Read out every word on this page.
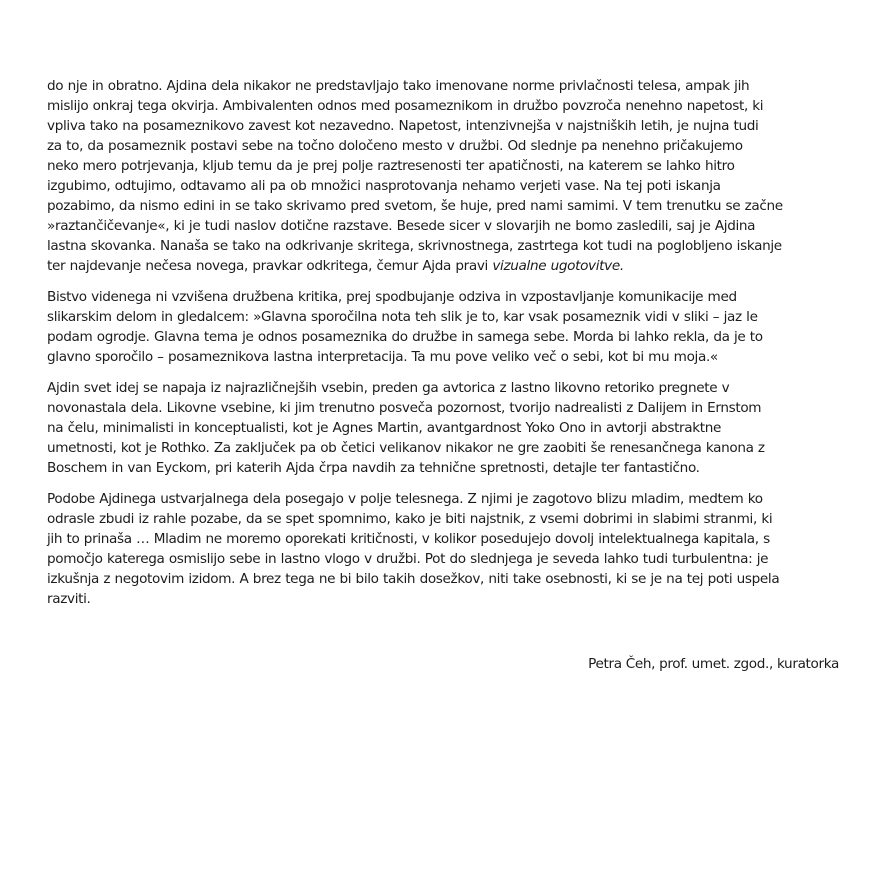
do nje in obratno. Ajdina dela nikakor ne predstavljajo tako imenovane norme privlačnosti telesa, ampak jih
mislijo onkraj tega okvirja. Ambivalenten odnos med posameznikom in družbo povzroča nenehno napetost, ki
vpliva tako na posameznikovo zavest kot nezavedno. Napetost, intenzivnejša v najstniških letih, je nujna tudi
za to, da posameznik postavi sebe na točno določeno mesto v družbi. Od slednje pa nenehno pričakujemo
neko mero potrjevanja, kljub temu da je prej polje raztresenosti ter apatičnosti, na katerem se lahko hitro
izgubimo, odtujimo, odtavamo ali pa ob množici nasprotovanja nehamo verjeti vase. Na tej poti iskanja
pozabimo, da nismo edini in se tako skrivamo pred svetom, še huje, pred nami samimi. V tem trenutku se začne
»raztančičevanje«, ki je tudi naslov dotične razstave. Besede sicer v slovarjih ne bomo zasledili, saj je Ajdina
lastna skovanka. Nanaša se tako na odkrivanje skritega, skrivnostnega, zastrtega kot tudi na poglobljeno iskanje
ter najdevanje nečesa novega, pravkar odkritega, čemur Ajda pravi vizualne ugotovitve.

Bistvo videnega ni vzvišena družbena kritika, prej spodbujanje odziva in vzpostavljanje komunikacije med
slikarskim delom in gledalcem: »Glavna sporočilna nota teh slik je to, kar vsak posameznik vidi v sliki – jaz le
podam ogrodje. Glavna tema je odnos posameznika do družbe in samega sebe. Morda bi lahko rekla, da je to
glavno sporočilo – posameznikova lastna interpretacija. Ta mu pove veliko več o sebi, kot bi mu moja.«

Ajdin svet idej se napaja iz najrazličnejših vsebin, preden ga avtorica z lastno likovno retoriko pregnete v
novonastala dela. Likovne vsebine, ki jim trenutno posveča pozornost, tvorijo nadrealisti z Dalijem in Ernstom
na čelu, minimalisti in konceptualisti, kot je Agnes Martin, avantgardnost Yoko Ono in avtorji abstraktne
umetnosti, kot je Rothko. Za zaključek pa ob četici velikanov nikakor ne gre zaobiti še renesančnega kanona z
Boschem in van Eyckom, pri katerih Ajda črpa navdih za tehnične spretnosti, detajle ter fantastično.

Podobe Ajdinega ustvarjalnega dela posegajo v polje telesnega. Z njimi je zagotovo blizu mladim, medtem ko
odrasle zbudi iz rahle pozabe, da se spet spomnimo, kako je biti najstnik, z vsemi dobrimi in slabimi stranmi, ki
jih to prinaša … Mladim ne moremo oporekati kritičnosti, v kolikor posedujejo dovolj intelektualnega kapitala, s
pomočjo katerega osmislijo sebe in lastno vlogo v družbi. Pot do slednjega je seveda lahko tudi turbulentna: je
izkušnja z negotovim izidom. A brez tega ne bi bilo takih dosežkov, niti take osebnosti, ki se je na tej poti uspela
razviti.

Petra Čeh, prof. umet. zgod., kuratorka
